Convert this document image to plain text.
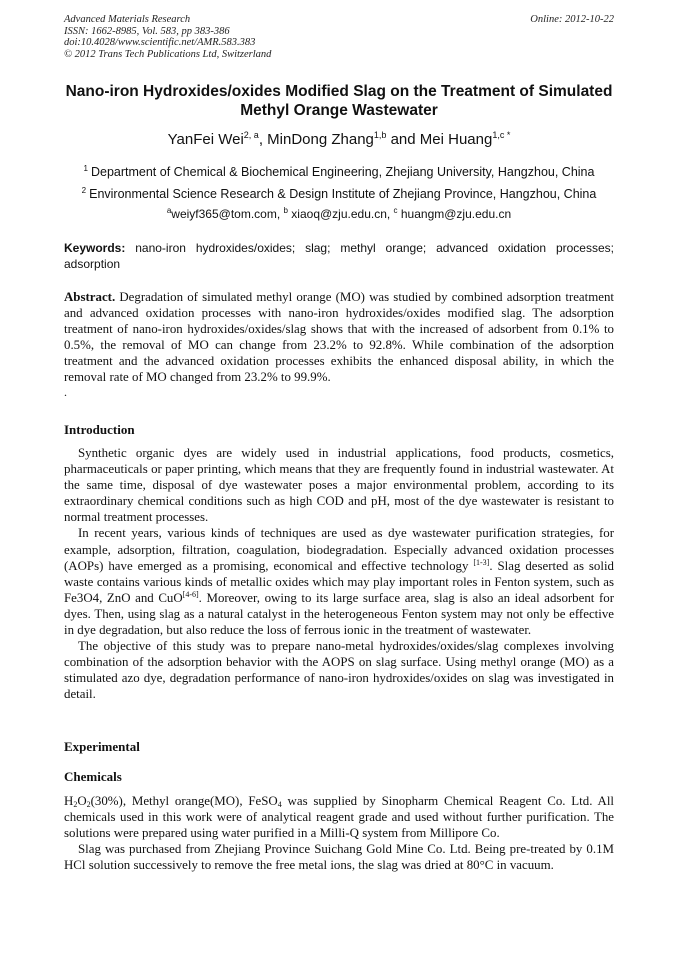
Advanced Materials Research
ISSN: 1662-8985, Vol. 583, pp 383-386
doi:10.4028/www.scientific.net/AMR.583.383
© 2012 Trans Tech Publications Ltd, Switzerland
Online: 2012-10-22
Nano-iron Hydroxides/oxides Modified Slag on the Treatment of Simulated Methyl Orange Wastewater
YanFei Wei$^{2, a}$, MinDong Zhang$^{1,b}$ and Mei Huang$^{1,c *}$
$^1$ Department of Chemical & Biochemical Engineering, Zhejiang University, Hangzhou, China
$^2$ Environmental Science Research & Design Institute of Zhejiang Province, Hangzhou, China
$^a$weiyf365@tom.com, $^b$ xiaoq@zju.edu.cn, $^c$ huangm@zju.edu.cn
Keywords: nano-iron hydroxides/oxides; slag; methyl orange; advanced oxidation processes; adsorption
Abstract. Degradation of simulated methyl orange (MO) was studied by combined adsorption treatment and advanced oxidation processes with nano-iron hydroxides/oxides modified slag. The adsorption treatment of nano-iron hydroxides/oxides/slag shows that with the increased of adsorbent from 0.1% to 0.5%, the removal of MO can change from 23.2% to 92.8%. While combination of the adsorption treatment and the advanced oxidation processes exhibits the enhanced disposal ability, in which the removal rate of MO changed from 23.2% to 99.9%.
.
Introduction

Synthetic organic dyes are widely used in industrial applications, food products, cosmetics, pharmaceuticals or paper printing, which means that they are frequently found in industrial wastewater. At the same time, disposal of dye wastewater poses a major environmental problem, according to its extraordinary chemical conditions such as high COD and pH, most of the dye wastewater is resistant to normal treatment processes.

In recent years, various kinds of techniques are used as dye wastewater purification strategies, for example, adsorption, filtration, coagulation, biodegradation. Especially advanced oxidation processes (AOPs) have emerged as a promising, economical and effective technology [1-3]. Slag deserted as solid waste contains various kinds of metallic oxides which may play important roles in Fenton system, such as Fe3O4, ZnO and CuO[4-6]. Moreover, owing to its large surface area, slag is also an ideal adsorbent for dyes. Then, using slag as a natural catalyst in the heterogeneous Fenton system may not only be effective in dye degradation, but also reduce the loss of ferrous ionic in the treatment of wastewater.

The objective of this study was to prepare nano-metal hydroxides/oxides/slag complexes involving combination of the adsorption behavior with the AOPS on slag surface. Using methyl orange (MO) as a stimulated azo dye, degradation performance of nano-iron hydroxides/oxides on slag was investigated in detail.

Experimental
Chemicals

$H_2O_2(30\%)$, Methyl orange(MO), FeSO$_4$ was supplied by Sinopharm Chemical Reagent Co. Ltd. All chemicals used in this work were of analytical reagent grade and used without further purification. The solutions were prepared using water purified in a Milli-Q system from Millipore Co.

Slag was purchased from Zhejiang Province Suichang Gold Mine Co. Ltd. Being pre-treated by 0.1M HCl solution successively to remove the free metal ions, the slag was dried at 80°C in vacuum.
